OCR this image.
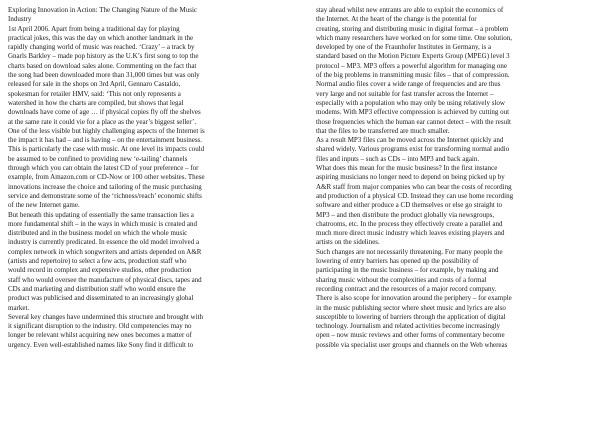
Exploring Innovation in Action: The Changing Nature of the Music
Industry
1st April 2006. Apart from being a traditional day for playing
practical jokes, this was the day on which another landmark in the
rapidly changing world of music was reached. ‘Crazy’ – a track by
Gnarls Barkley – made pop history as the U.K’s first song to top the
charts based on download sales alone. Commenting on the fact that
the song had been downloaded more than 31,000 times but was only
released for sale in the shops on 3rd April, Gennaro Castaldo,
spokesman for retailer HMV, said: ‘This not only represents a
watershed in how the charts are compiled, but shows that legal
downloads have come of age … if physical copies fly off the shelves
at the same rate it could vie for a place as the year’s biggest seller’.
One of the less visible but highly challenging aspects of the Internet is
the impact it has had – and is having – on the entertainment business.
This is particularly the case with music. At one level its impacts could
be assumed to be confined to providing new ‘e-tailing’ channels
through which you can obtain the latest CD of your preference – for
example, from Amazon.com or CD-Now or 100 other websites. These
innovations increase the choice and tailoring of the music purchasing
service and demonstrate some of the ‘richness/reach’ economic shifts
of the new Internet game.
But beneath this updating of essentially the same transaction lies a
more fundamental shift – in the ways in which music is created and
distributed and in the business model on which the whole music
industry is currently predicated. In essence the old model involved a
complex network in which songwriters and artists depended on A&R
(artists and repertoire) to select a few acts, production staff who
would record in complex and expensive studios, other production
staff who would oversee the manufacture of physical discs, tapes and
CDs and marketing and distribution staff who would ensure the
product was publicised and disseminated to an increasingly global
market.
Several key changes have undermined this structure and brought with
it significant disruption to the industry. Old competencies may no
longer be relevant whilst acquiring new ones becomes a matter of
urgency. Even well-established names like Sony find it difficult to
stay ahead whilst new entrants are able to exploit the economics of
the Internet. At the heart of the change is the potential for
creating, storing and distributing music in digital format – a problem
which many researchers have worked on for some time. One solution,
developed by one of the Fraunhofer Institutes in Germany, is a
standard based on the Motion Picture Experts Group (MPEG) level 3
protocol – MP3. MP3 offers a powerful algorithm for managing one
of the big problems in transmitting music files – that of compression.
Normal audio files cover a wide range of frequencies and are thus
very large and not suitable for fast transfer across the Internet –
especially with a population who may only be using relatively slow
modems. With MP3 effective compression is achieved by cutting out
those frequencies which the human ear cannot detect – with the result
that the files to be transferred are much smaller.
As a result MP3 files can be moved across the Internet quickly and
shared widely. Various programs exist for transforming normal audio
files and inputs – such as CDs – into MP3 and back again.
What does this mean for the music business? In the first instance
aspiring musicians no longer need to depend on being picked up by
A&R staff from major companies who can bear the costs of recording
and production of a physical CD. Instead they can use home recording
software and either produce a CD themselves or else go straight to
MP3 – and then distribute the product globally via newsgroups,
chatrooms, etc. In the process they effectively create a parallel and
much more direct music industry which leaves existing players and
artists on the sidelines.
Such changes are not necessarily threatening. For many people the
lowering of entry barriers has opened up the possibility of
participating in the music business – for example, by making and
sharing music without the complexities and costs of a formal
recording contract and the resources of a major record company.
There is also scope for innovation around the periphery – for example
in the music publishing sector where sheet music and lyrics are also
susceptible to lowering of barriers through the application of digital
technology. Journalism and related activities become increasingly
open – now music reviews and other forms of commentary become
possible via specialist user groups and channels on the Web whereas
